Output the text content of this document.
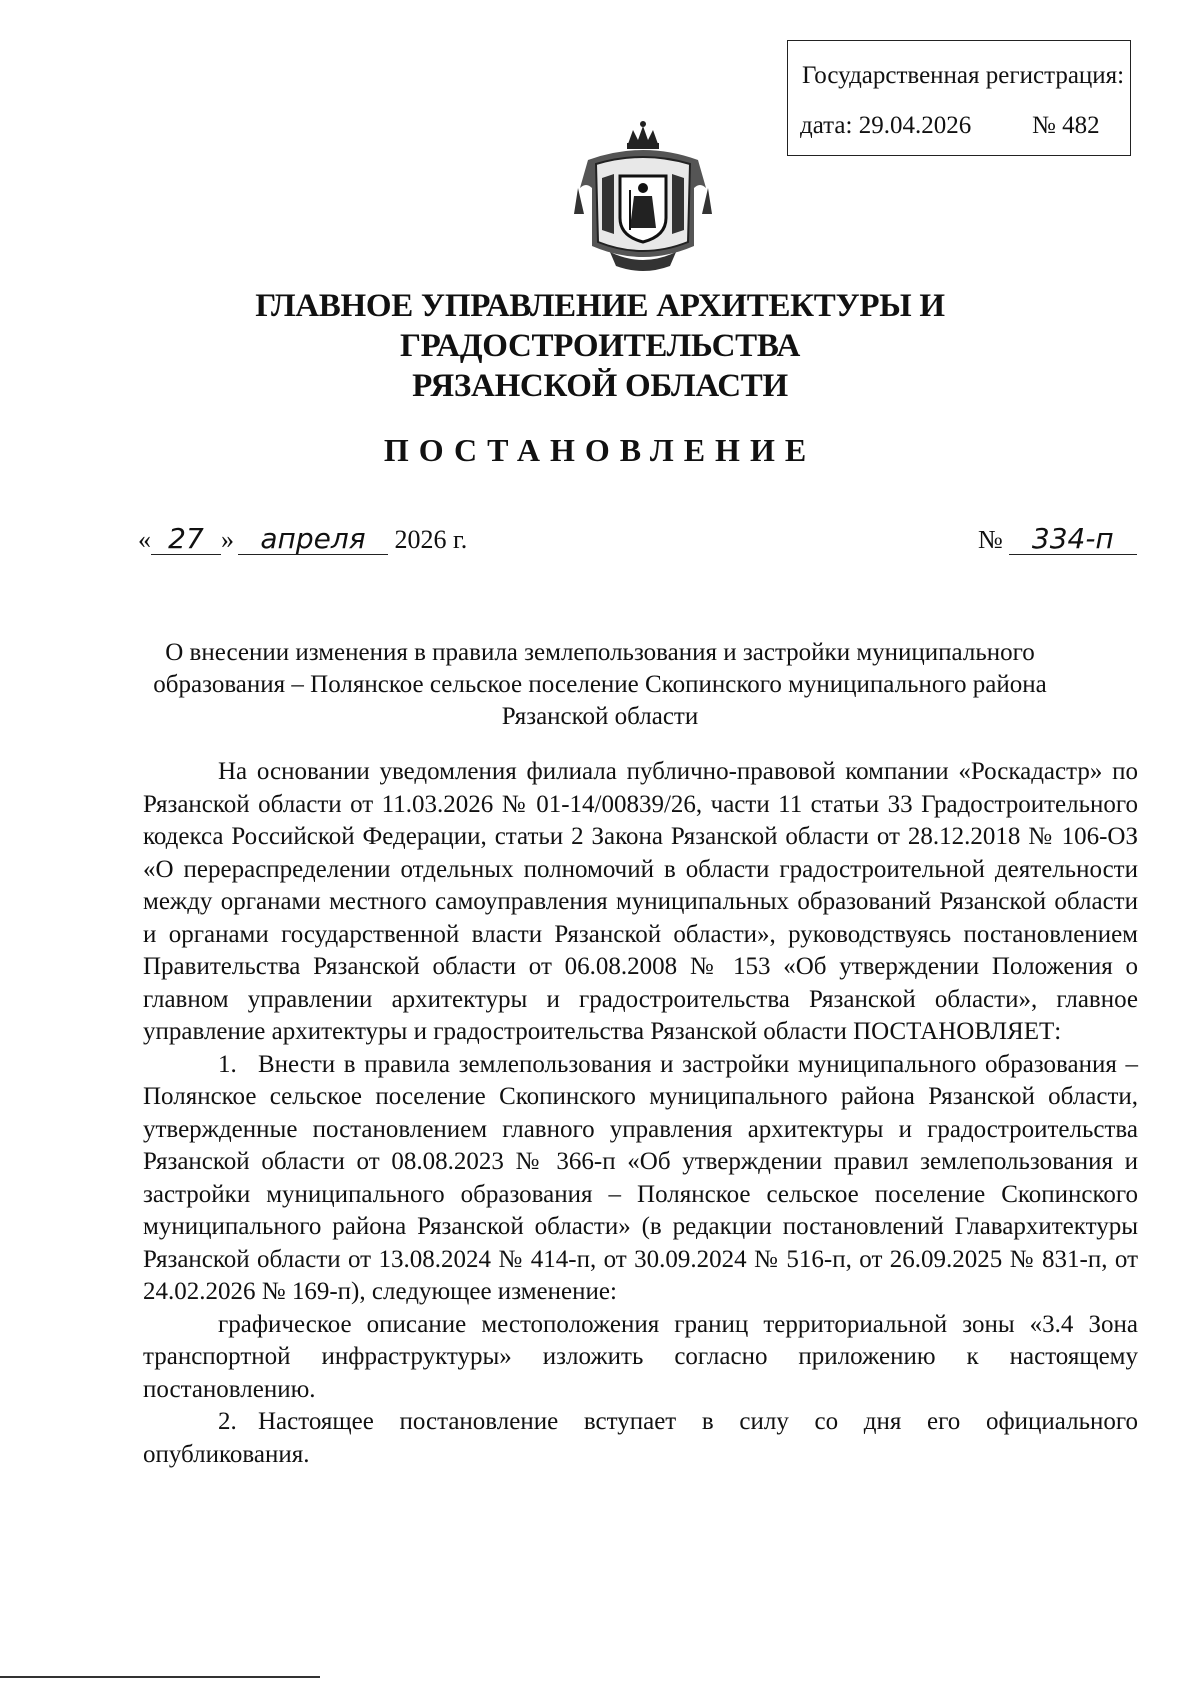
Государственная регистрация:
дата: 29.04.2026 № 482
ГЛАВНОЕ УПРАВЛЕНИЕ АРХИТЕКТУРЫ И ГРАДОСТРОИТЕЛЬСТВА
РЯЗАНСКОЙ ОБЛАСТИ
ПОСТАНОВЛЕНИЕ
« 27 » апреля 2026 г.	№ 334-п
О внесении изменения в правила землепользования и застройки муниципального образования – Полянское сельское поселение Скопинского муниципального района Рязанской области

На основании уведомления филиала публично-правовой компании «Роскадастр» по Рязанской области от 11.03.2026 № 01-14/00839/26, части 11 статьи 33 Градостроительного кодекса Российской Федерации, статьи 2 Закона Рязанской области от 28.12.2018 № 106-ОЗ «О перераспределении отдельных полномочий в области градостроительной деятельности между органами местного самоуправления муниципальных образований Рязанской области и органами государственной власти Рязанской области», руководствуясь постановлением Правительства Рязанской области от 06.08.2008 № 153 «Об утверждении Положения о главном управлении архитектуры и градостроительства Рязанской области», главное управление архитектуры и градостроительства Рязанской области ПОСТАНОВЛЯЕТ:

1. Внести в правила землепользования и застройки муниципального образования – Полянское сельское поселение Скопинского муниципального района Рязанской области, утвержденные постановлением главного управления архитектуры и градостроительства Рязанской области от 08.08.2023 № 366-п «Об утверждении правил землепользования и застройки муниципального образования – Полянское сельское поселение Скопинского муниципального района Рязанской области» (в редакции постановлений Главархитектуры Рязанской области от 13.08.2024 № 414-п, от 30.09.2024 № 516-п, от 26.09.2025 № 831-п, от 24.02.2026 № 169-п), следующее изменение:

графическое описание местоположения границ территориальной зоны «3.4 Зона транспортной инфраструктуры» изложить согласно приложению к настоящему постановлению.

2. Настоящее постановление вступает в силу со дня его официального опубликования.
